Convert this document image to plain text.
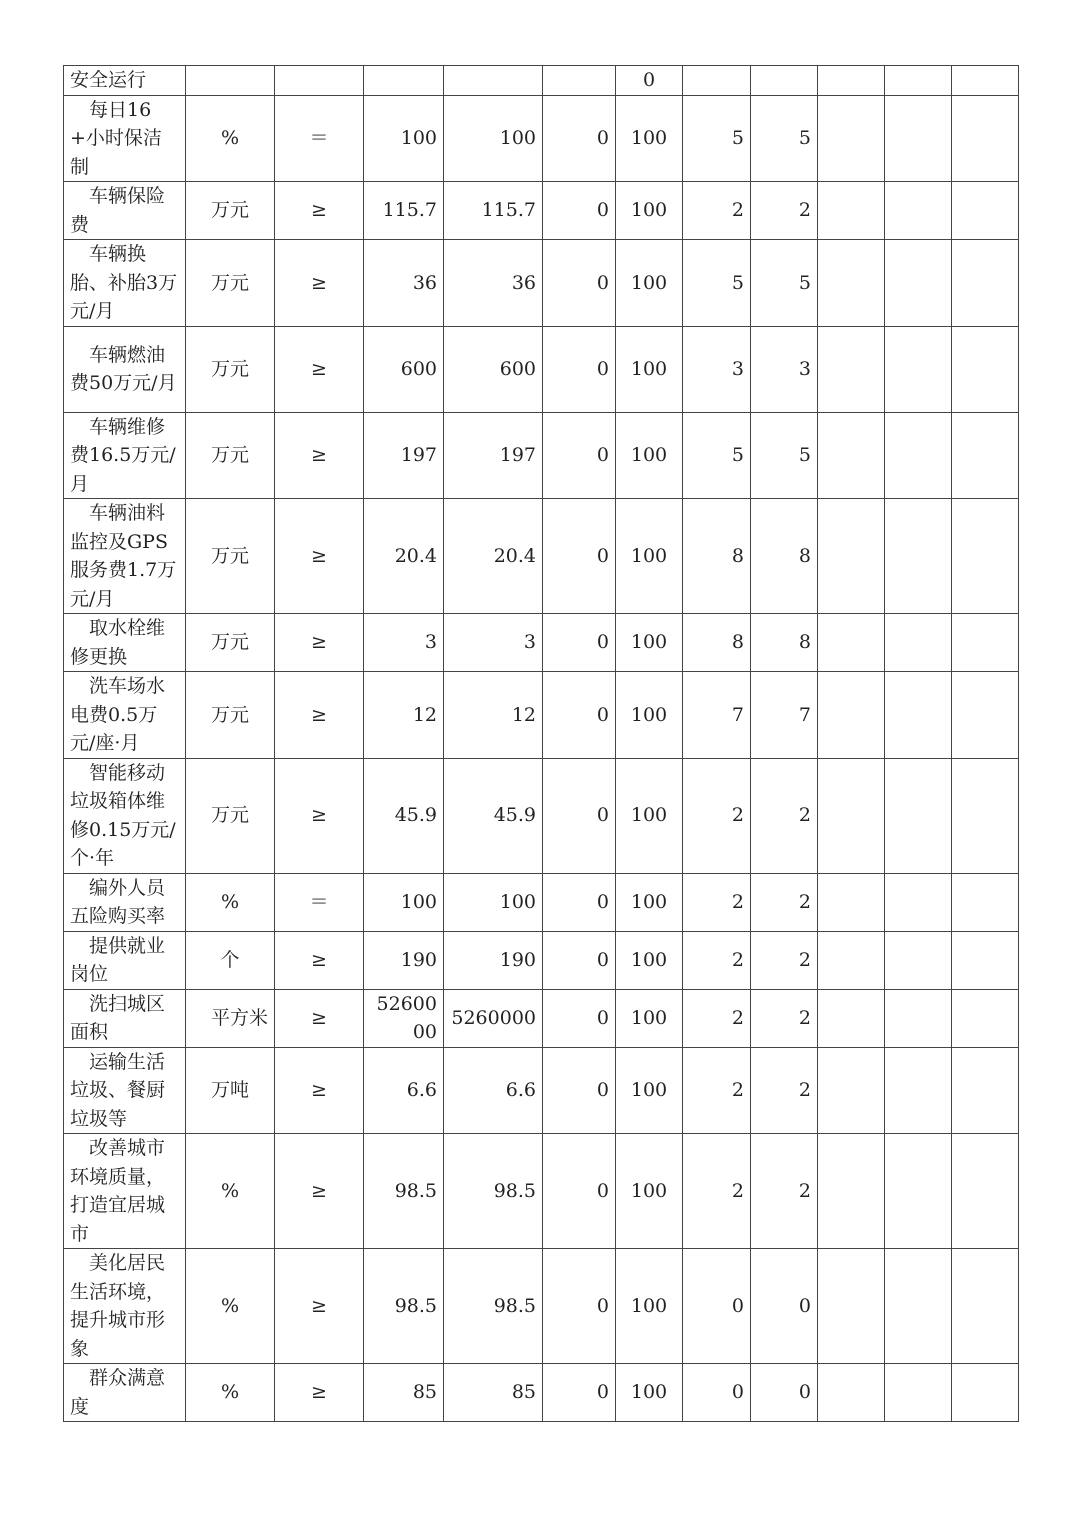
安全运行						0					
每日16+小时保洁制	%	＝	100	100	0	100	5	5			
车辆保险费	万元	≥	115.7	115.7	0	100	2	2			
车辆换胎、补胎3万元/月	万元	≥	36	36	0	100	5	5			
车辆燃油费50万元/月	万元	≥	600	600	0	100	3	3			
车辆维修费16.5万元/月	万元	≥	197	197	0	100	5	5			
车辆油料监控及GPS服务费1.7万元/月	万元	≥	20.4	20.4	0	100	8	8			
取水栓维修更换	万元	≥	3	3	0	100	8	8			
洗车场水电费0.5万元/座·月	万元	≥	12	12	0	100	7	7			
智能移动垃圾箱体维修0.15万元/个·年	万元	≥	45.9	45.9	0	100	2	2			
编外人员五险购买率	%	＝	100	100	0	100	2	2			
提供就业岗位	个	≥	190	190	0	100	2	2			
洗扫城区面积	平方米	≥	5260000	5260000	0	100	2	2			
运输生活垃圾、餐厨垃圾等	万吨	≥	6.6	6.6	0	100	2	2			
改善城市环境质量，打造宜居城市	%	≥	98.5	98.5	0	100	2	2			
美化居民生活环境，提升城市形象	%	≥	98.5	98.5	0	100	0	0			
群众满意度	%	≥	85	85	0	100	0	0			
